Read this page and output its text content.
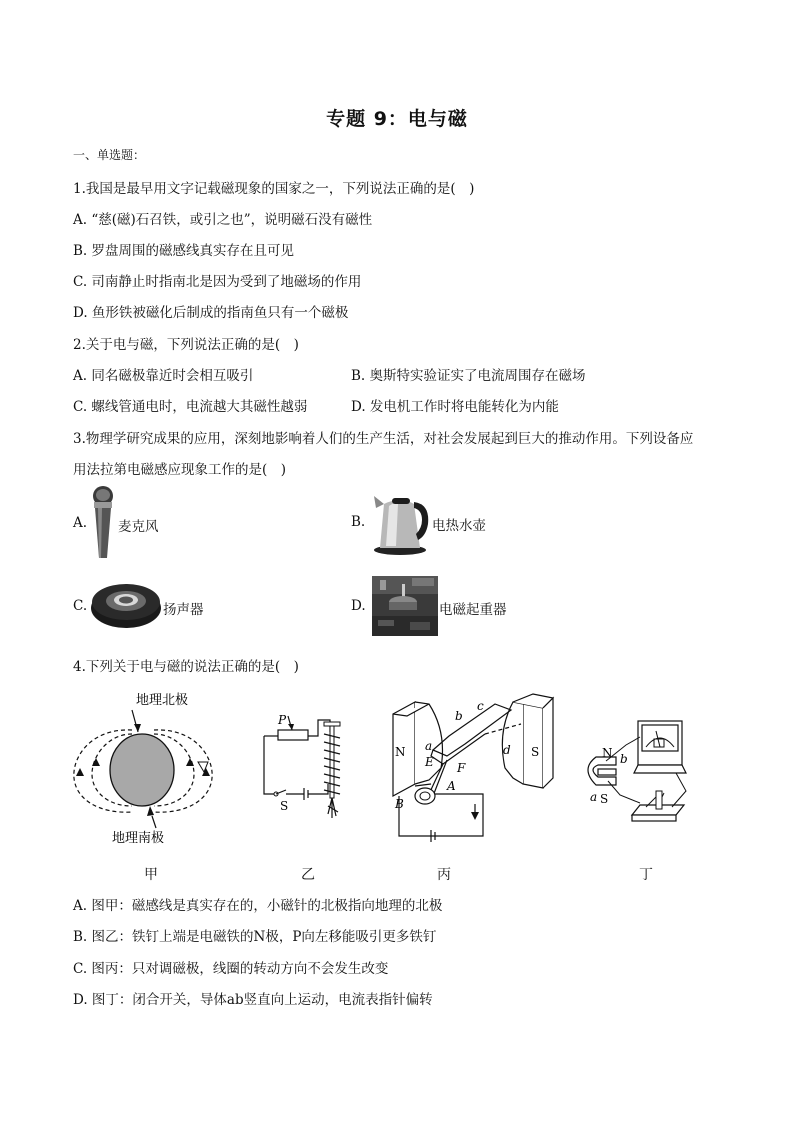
专题 9：电与磁
一、单选题：
1.我国是最早用文字记载磁现象的国家之一，下列说法正确的是(　)
A. “慈(磁)石召铁，或引之也”，说明磁石没有磁性
B. 罗盘周围的磁感线真实存在且可见
C. 司南静止时指南北是因为受到了地磁场的作用
D. 鱼形铁被磁化后制成的指南鱼只有一个磁极
2.关于电与磁，下列说法正确的是(　)
A. 同名磁极靠近时会相互吸引	B. 奥斯特实验证实了电流周围存在磁场
C. 螺线管通电时，电流越大其磁性越弱	D. 发电机工作时将电能转化为内能
3.物理学研究成果的应用，深刻地影响着人们的生产生活，对社会发展起到巨大的推动作用。下列设备应
用法拉第电磁感应现象工作的是(　)
A. 麦克风	B.	电热水壶
C.	扬声器	D.	电磁起重器
4.下列关于电与磁的说法正确的是(　)
地理北极
地理南极
P
S
N	S
a
b
c
d
E F
A
B
N
S
a
b
甲	乙	丙	丁
A. 图甲：磁感线是真实存在的，小磁针的北极指向地理的北极
B. 图乙：铁钉上端是电磁铁的N极，P向左移能吸引更多铁钉
C. 图丙：只对调磁极，线圈的转动方向不会发生改变
D. 图丁：闭合开关，导体ab竖直向上运动，电流表指针偏转
